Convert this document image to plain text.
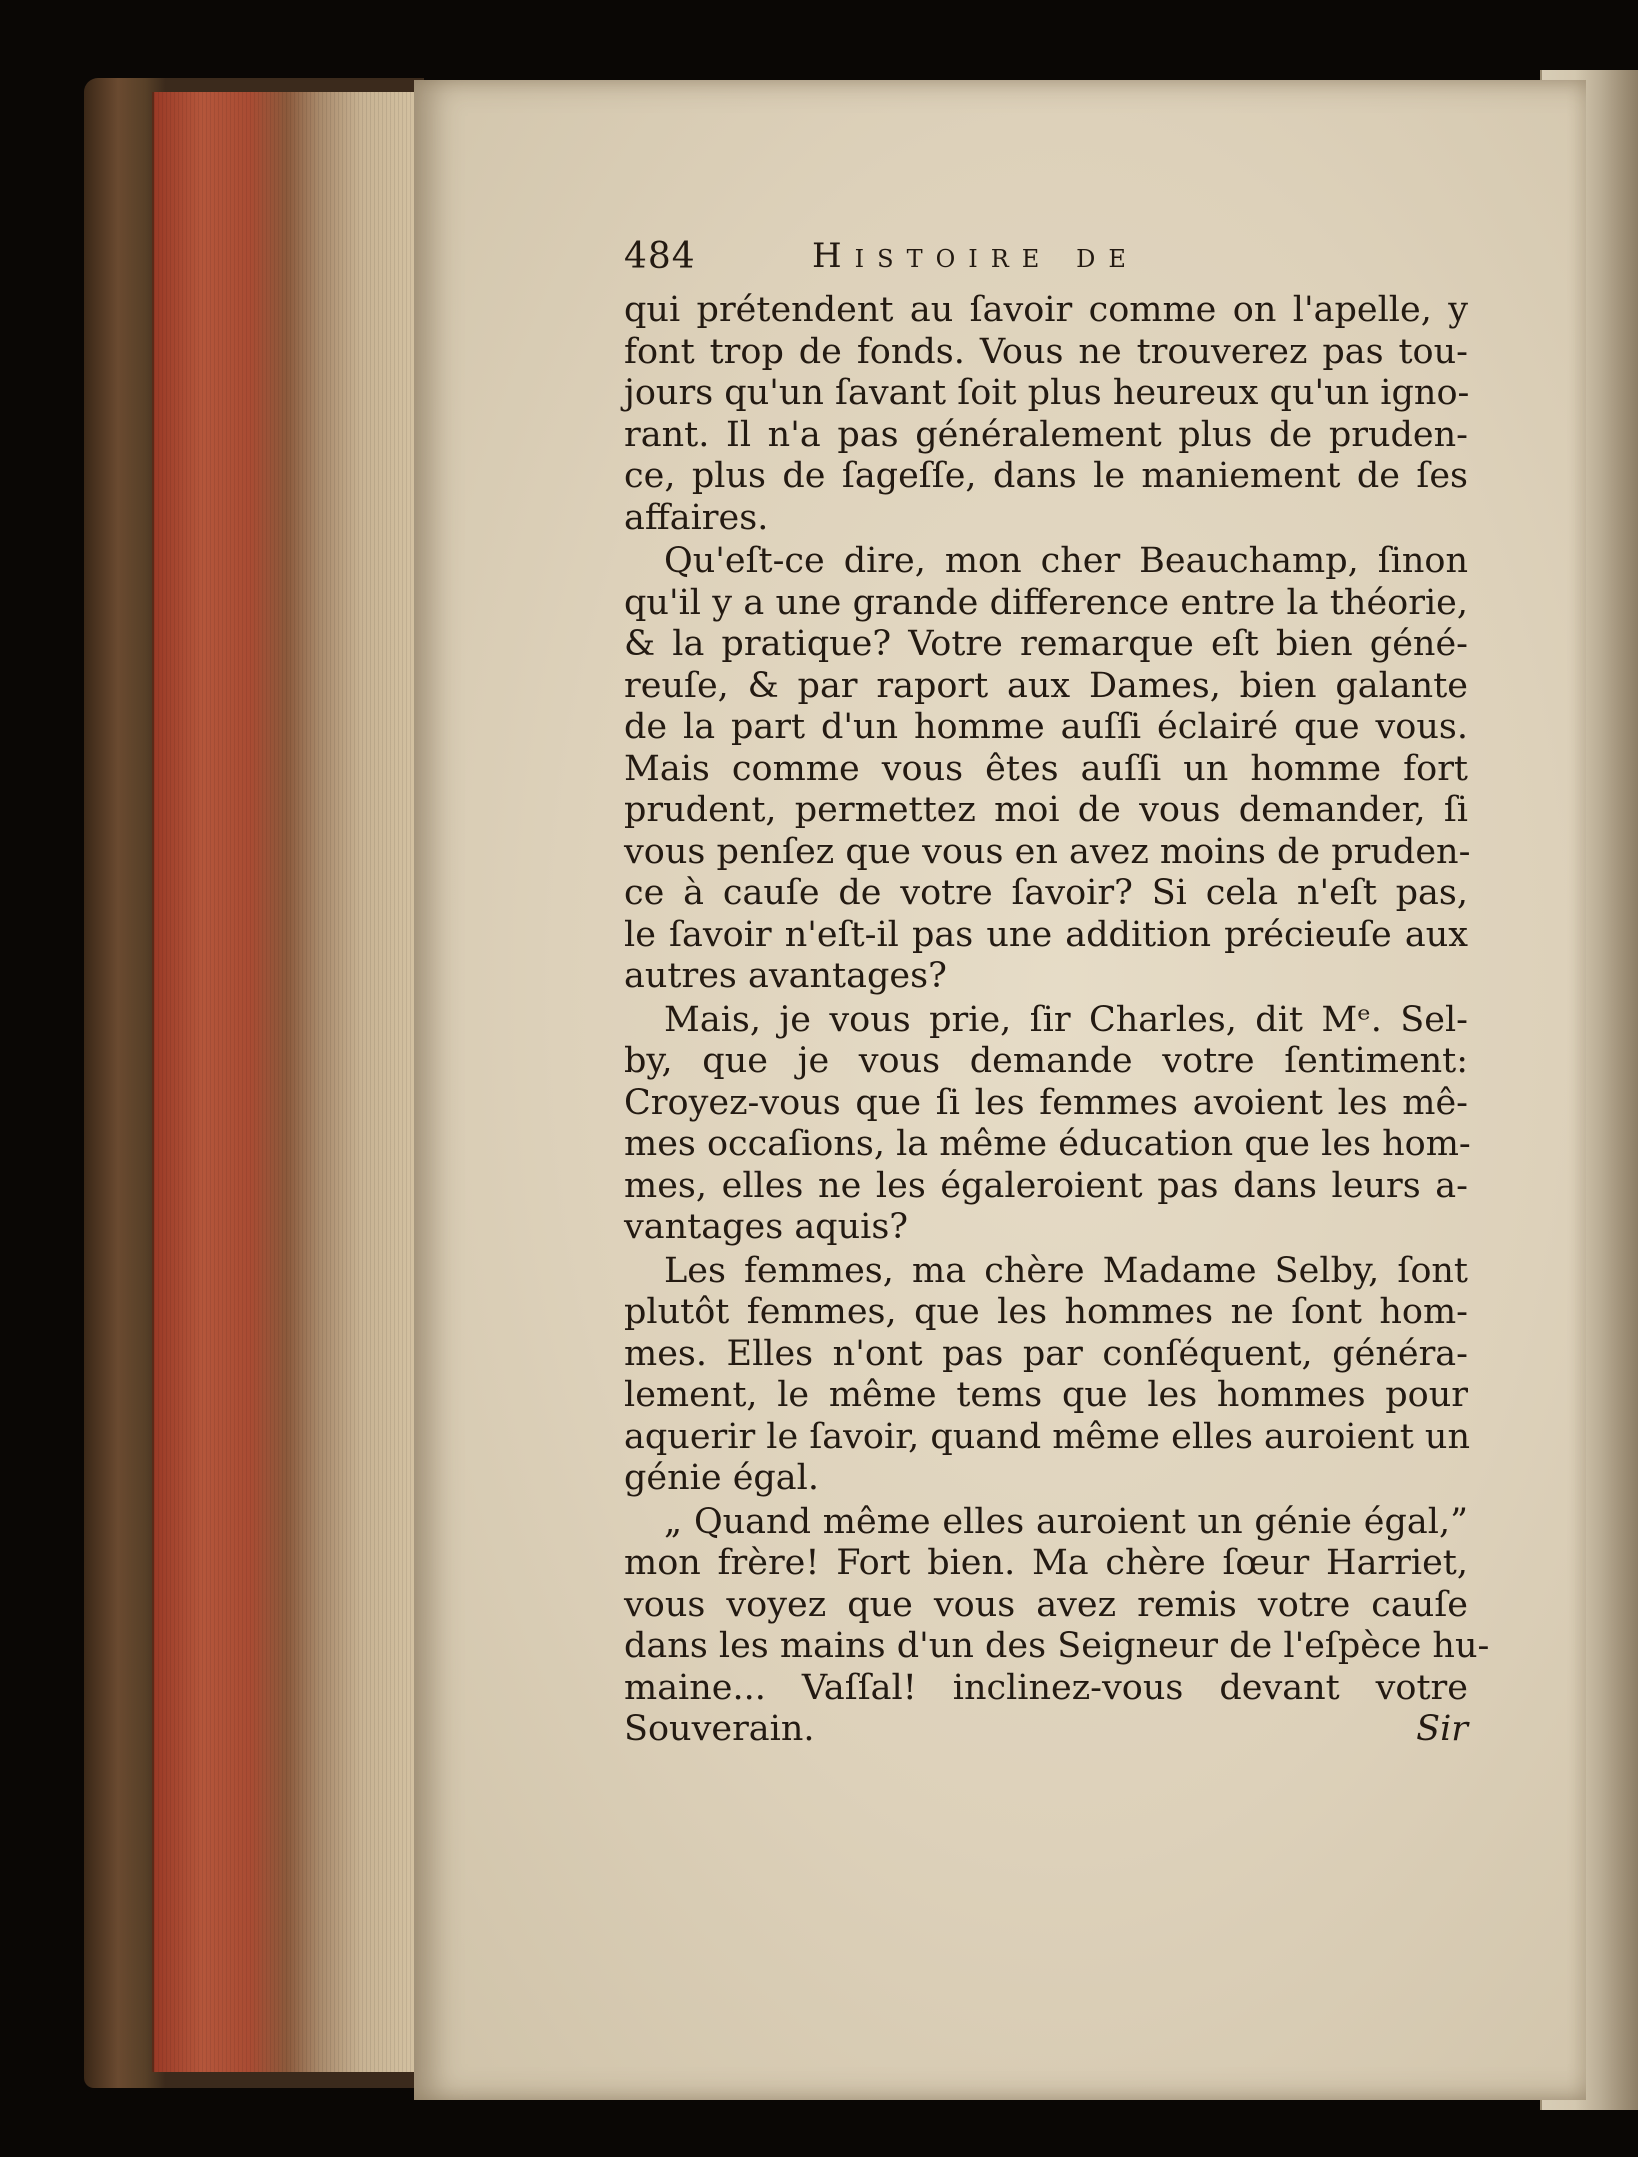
484	Histoire de
qui prétendent au ſavoir comme on l'apelle, y
font trop de fonds. Vous ne trouverez pas tou-
jours qu'un ſavant ſoit plus heureux qu'un igno-
rant. Il n'a pas généralement plus de pruden-
ce, plus de ſageſſe, dans le maniement de ſes
affaires.
Qu'eſt-ce dire, mon cher Beauchamp, ſinon
qu'il y a une grande difference entre la théorie,
& la pratique? Votre remarque eſt bien géné-
reuſe, & par raport aux Dames, bien galante
de la part d'un homme auſſi éclairé que vous.
Mais comme vous êtes auſſi un homme fort
prudent, permettez moi de vous demander, ſi
vous penſez que vous en avez moins de pruden-
ce à cauſe de votre ſavoir? Si cela n'eſt pas,
le ſavoir n'eſt-il pas une addition précieuſe aux
autres avantages?
Mais, je vous prie, ſir Charles, dit Mᵉ. Sel-
by, que je vous demande votre ſentiment:
Croyez-vous que ſi les femmes avoient les mê-
mes occaſions, la même éducation que les hom-
mes, elles ne les égaleroient pas dans leurs a-
vantages aquis?
Les femmes, ma chère Madame Selby, ſont
plutôt femmes, que les hommes ne ſont hom-
mes. Elles n'ont pas par conſéquent, généra-
lement, le même tems que les hommes pour
aquerir le ſavoir, quand même elles auroient un
génie égal.
„ Quand même elles auroient un génie égal,”
mon frère! Fort bien. Ma chère ſœur Harriet,
vous voyez que vous avez remis votre cauſe
dans les mains d'un des Seigneur de l'eſpèce hu-
maine... Vaſſal! inclinez-vous devant votre
Souverain.	Sir
